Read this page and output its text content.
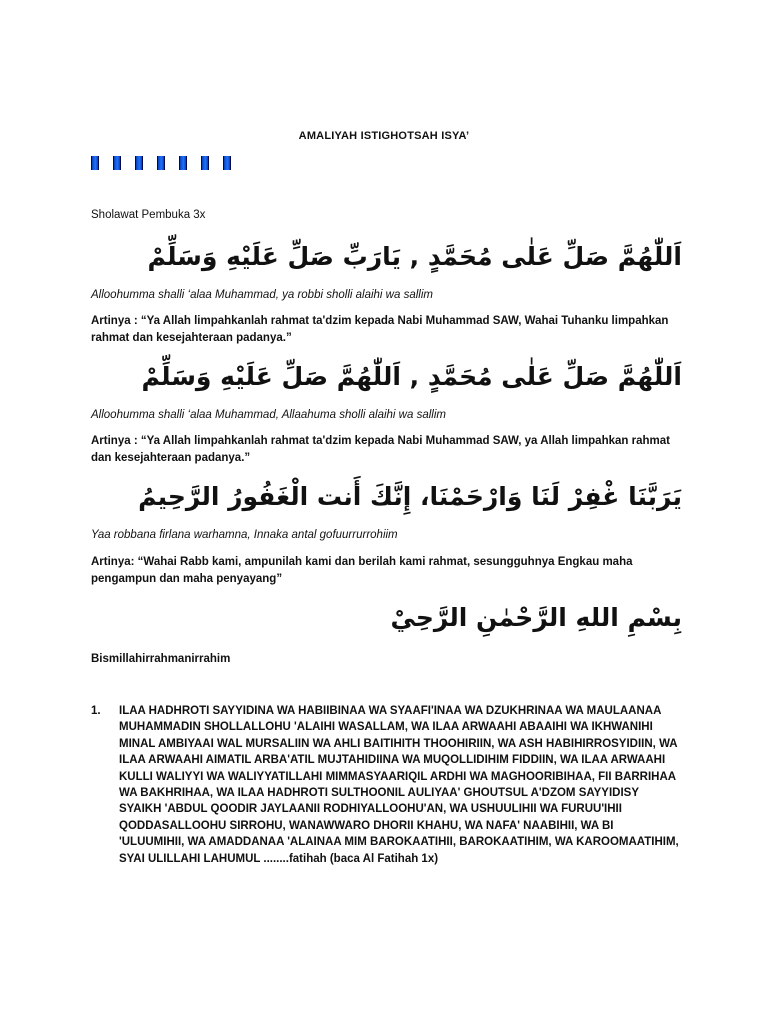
AMALIYAH ISTIGHOTSAH ISYA’
Sholawat Pembuka 3x
اَللّٰهُمَّ صَلِّ عَلٰى مُحَمَّدٍ , يَارَبِّ صَلِّ عَلَيْهِ وَسَلِّمْ
Alloohumma shalli ‘alaa Muhammad, ya robbi sholli alaihi wa sallim
Artinya : “Ya Allah limpahkanlah rahmat ta'dzim kepada Nabi Muhammad SAW, Wahai Tuhanku limpahkan rahmat dan kesejahteraan padanya.”
اَللّٰهُمَّ صَلِّ عَلٰى مُحَمَّدٍ , اَللّٰهُمَّ صَلِّ عَلَيْهِ وَسَلِّمْ
Alloohumma shalli ‘alaa Muhammad, Allaahuma sholli alaihi wa sallim
Artinya : “Ya Allah limpahkanlah rahmat ta'dzim kepada Nabi Muhammad SAW, ya Allah limpahkan rahmat dan kesejahteraan padanya.”
يَرَبَّنَا غْفِرْ لَنَا وَارْحَمْنَا، إِنَّكَ أَنت الْغَفُورُ الرَّحِيمُ
Yaa robbana firlana warhamna, Innaka antal gofuurrurrohiim
Artinya: “Wahai Rabb kami, ampunilah kami dan berilah kami rahmat, sesungguhnya Engkau maha pengampun dan maha penyayang”
بِسْمِ اللهِ الرَّحْمٰنِ الرَّحِيْ
Bismillahirrahmanirrahim
1. ILAA HADHROTI SAYYIDINA WA HABIIBINAA WA SYAAFI'INAA WA DZUKHRINAA WA MAULAANAA MUHAMMADIN SHOLLALLOHU 'ALAIHI WASALLAM, WA ILAA ARWAAHI ABAAIHI WA IKHWANIHI MINAL AMBIYAAI WAL MURSALIIN WA AHLI BAITIHITH THOOHIRIIN, WA ASH HABIHIRROSYIDIIN, WA ILAA ARWAAHI AIMATIL ARBA'ATIL MUJTAHIDIINA WA MUQOLLIDIHIM FIDDIIN, WA ILAA ARWAAHI KULLI WALIYYI WA WALIYYATILLAHI MIMMASYAARIQIL ARDHI WA MAGHOORIBIHAA, FII BARRIHAA WA BAKHRIHAA, WA ILAA HADHROTI SULTHOONIL AULIYAA' GHOUTSUL A'DZOM SAYYIDISY SYAIKH 'ABDUL QOODIR JAYLAANII RODHIYALLOOHU'AN, WA USHUULIHII WA FURUU'IHII QODDASALLOOHU SIRROHU, WANAWWARO DHORII KHAHU, WA NAFA' NAABIHII, WA BI 'ULUUMIHII, WA AMADDANAA 'ALAINAA MIM BAROKAATIHII, BAROKAATIHIM, WA KAROOMAATIHIM, SYAI ULILLAHI LAHUMUL ........fatihah (baca Al Fatihah 1x)
